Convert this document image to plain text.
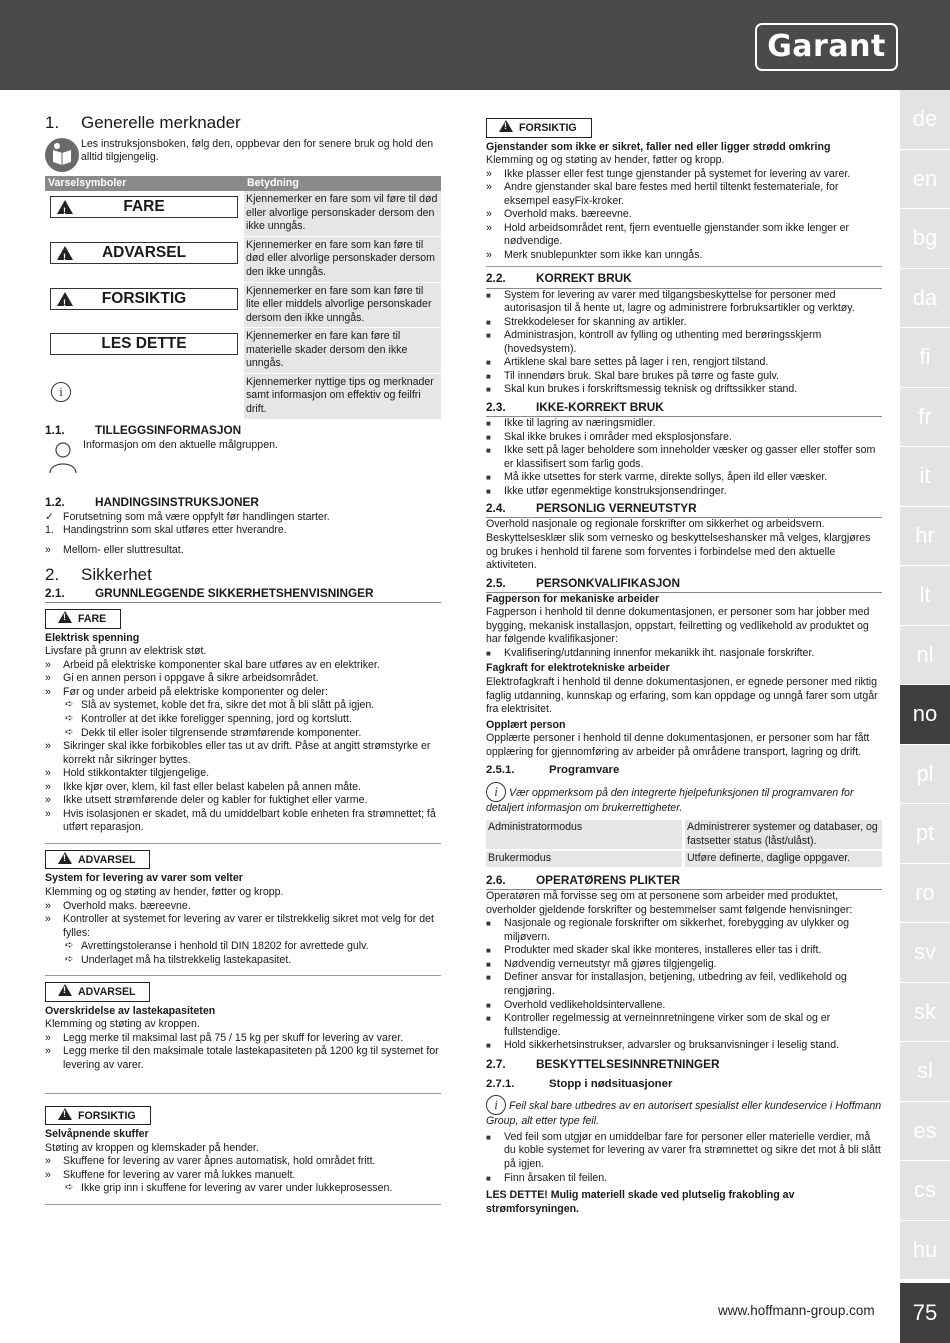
Garant
de
en
bg
da
fi
fr
it
hr
lt
nl
no
pl
pt
ro
sv
sk
sl
es
cs
hu
75
www.hoffmann-group.com
1. Generelle merknader

Les instruksjonsboken, følg den, oppbevar den for senere bruk og hold den alltid tilgjengelig.

Varselsymboler	Betydning

!
FARE	Kjennemerker en fare som vil føre til død eller alvorlige personskader dersom den ikke unngås.

!
ADVARSEL	Kjennemerker en fare som kan føre til død eller alvorlige personskader dersom den ikke unngås.

!
FORSIKTIG	Kjennemerker en fare som kan føre til lite eller middels alvorlige personskader dersom den ikke unngås.

LES DETTE	Kjennemerker en fare kan føre til materielle skader dersom den ikke unngås.
i	Kjennemerker nyttige tips og merknader samt informasjon om effektiv og feilfri drift.
1.1.	TILLEGGSINFORMASJON

Informasjon om den aktuelle målgruppen.

1.2.	HANDINGSINSTRUKSJONER
✓ Forutsetning som må være oppfylt før handlingen starter.
1. Handingstrinn som skal utføres etter hverandre.
»	Mellom- eller sluttresultat.
2. Sikkerhet
2.1.	GRUNNLEGGENDE SIKKERHETSHENVISNINGER
!FARE

Elektrisk spenning

Livsfare på grunn av elektrisk støt.

» Arbeid på elektriske komponenter skal bare utføres av en elektriker.
» Gi en annen person i oppgave å sikre arbeidsområdet.
» Før og under arbeid på elektriske komponenter og deler:
➪ Slå av systemet, koble det fra, sikre det mot å bli slått på igjen.
➪ Kontroller at det ikke foreligger spenning, jord og kortslutt.
➪ Dekk til eller isoler tilgrensende strømførende komponenter.
» Sikringer skal ikke forbikobles eller tas ut av drift. Påse at angitt strømstyrke er korrekt når sikringer byttes.
» Hold stikkontakter tilgjengelige.
» Ikke kjør over, klem, kil fast eller belast kabelen på annen måte.
» Ikke utsett strømførende deler og kabler for fuktighet eller varme.
» Hvis isolasjonen er skadet, må du umiddelbart koble enheten fra strømnettet; få utført reparasjon.
!ADVARSEL

System for levering av varer som velter

Klemming og og støting av hender, føtter og kropp.

» Overhold maks. bæreevne.
» Kontroller at systemet for levering av varer er tilstrekkelig sikret mot velg for det fylles:
➪ Avrettingstoleranse i henhold til DIN 18202 for avrettede gulv.
➪ Underlaget må ha tilstrekkelig lastekapasitet.
!ADVARSEL

Overskridelse av lastekapasiteten

Klemming og støting av kroppen.

» Legg merke til maksimal last på 75 / 15 kg per skuff for levering av varer.
» Legg merke til den maksimale totale lastekapasiteten på 1200 kg til systemet for levering av varer.
!FORSIKTIG

Selvåpnende skuffer

Støting av kroppen og klemskader på hender.

» Skuffene for levering av varer åpnes automatisk, hold området fritt.
» Skuffene for levering av varer må lukkes manuelt.
➪ Ikke grip inn i skuffene for levering av varer under lukkeprosessen.
!FORSIKTIG

Gjenstander som ikke er sikret, faller ned eller ligger strødd omkring

Klemming og og støting av hender, føtter og kropp.

» Ikke plasser eller fest tunge gjenstander på systemet for levering av varer.
» Andre gjenstander skal bare festes med hertil tiltenkt festemateriale, for eksempel easyFix-kroker.
» Overhold maks. bæreevne.
» Hold arbeidsområdet rent, fjern eventuelle gjenstander som ikke lenger er nødvendige.
» Merk snublepunkter som ikke kan unngås.
2.2.	KORREKT BRUK
■ System for levering av varer med tilgangsbeskyttelse for personer med autorisasjon til å hente ut, lagre og administrere forbruksartikler og verktøy.
■ Strekkodeleser for skanning av artikler.
■ Administrasjon, kontroll av fylling og uthenting med berøringsskjerm (hovedsystem).
■ Artiklene skal bare settes på lager i ren, rengjort tilstand.
■ Til innendørs bruk. Skal bare brukes på tørre og faste gulv.
■ Skal kun brukes i forskriftsmessig teknisk og driftssikker stand.
2.3.	IKKE-KORREKT BRUK
■ Ikke til lagring av næringsmidler.
■ Skal ikke brukes i områder med eksplosjonsfare.
■ Ikke sett på lager beholdere som inneholder væsker og gasser eller stoffer som er klassifisert som farlig gods.
■ Må ikke utsettes for sterk varme, direkte sollys, åpen ild eller væsker.
■ Ikke utfør egenmektige konstruksjonsendringer.
2.4.	PERSONLIG VERNEUTSTYR

Overhold nasjonale og regionale forskrifter om sikkerhet og arbeidsvern. Beskyttelsesklær slik som vernesko og beskyttelseshansker må velges, klargjøres og brukes i henhold til farene som forventes i forbindelse med den aktuelle aktiviteten.

2.5.	PERSONKVALIFIKASJON

Fagperson for mekaniske arbeider

Fagperson i henhold til denne dokumentasjonen, er personer som har jobber med bygging, mekanisk installasjon, oppstart, feilretting og vedlikehold av produktet og har følgende kvalifikasjoner:

■ Kvalifisering/utdanning innenfor mekanikk iht. nasjonale forskrifter.

Fagkraft for elektrotekniske arbeider

Elektrofagkraft i henhold til denne dokumentasjonen, er egnede personer med riktig faglig utdanning, kunnskap og erfaring, som kan oppdage og unngå farer som utgår fra elektrisitet.

Opplært person

Opplærte personer i henhold til denne dokumentasjonen, er personer som har fått opplæring for gjennomføring av arbeider på områdene transport, lagring og drift.

2.5.1.	Programvare

i Vær oppmerksom på den integrerte hjelpefunksjonen til programvaren for detaljert informasjon om brukerrettigheter.

Administratormodus	Administrerer systemer og databaser, og fastsetter status (låst/ulåst).
Brukermodus	Utføre definerte, daglige oppgaver.
2.6.	OPERATØRENS PLIKTER

Operatøren må forvisse seg om at personene som arbeider med produktet, overholder gjeldende forskrifter og bestemmelser samt følgende henvisninger:

■ Nasjonale og regionale forskrifter om sikkerhet, forebygging av ulykker og miljøvern.
■ Produkter med skader skal ikke monteres, installeres eller tas i drift.
■ Nødvendig verneutstyr må gjøres tilgjengelig.
■ Definer ansvar for installasjon, betjening, utbedring av feil, vedlikehold og rengjøring.
■ Overhold vedlikeholdsintervallene.
■ Kontroller regelmessig at verneinnretningene virker som de skal og er fullstendige.
■ Hold sikkerhetsinstrukser, advarsler og bruksanvisninger i leselig stand.
2.7.	BESKYTTELSESINNRETNINGER
2.7.1.	Stopp i nødsituasjoner

i Feil skal bare utbedres av en autorisert spesialist eller kundeservice i Hoffmann Group, alt etter type feil.

■ Ved feil som utgjør en umiddelbar fare for personer eller materielle verdier, må du koble systemet for levering av varer fra strømnettet og sikre det mot å bli slått på igjen.
■ Finn årsaken til feilen.

LES DETTE! Mulig materiell skade ved plutselig frakobling av strømforsyningen.
